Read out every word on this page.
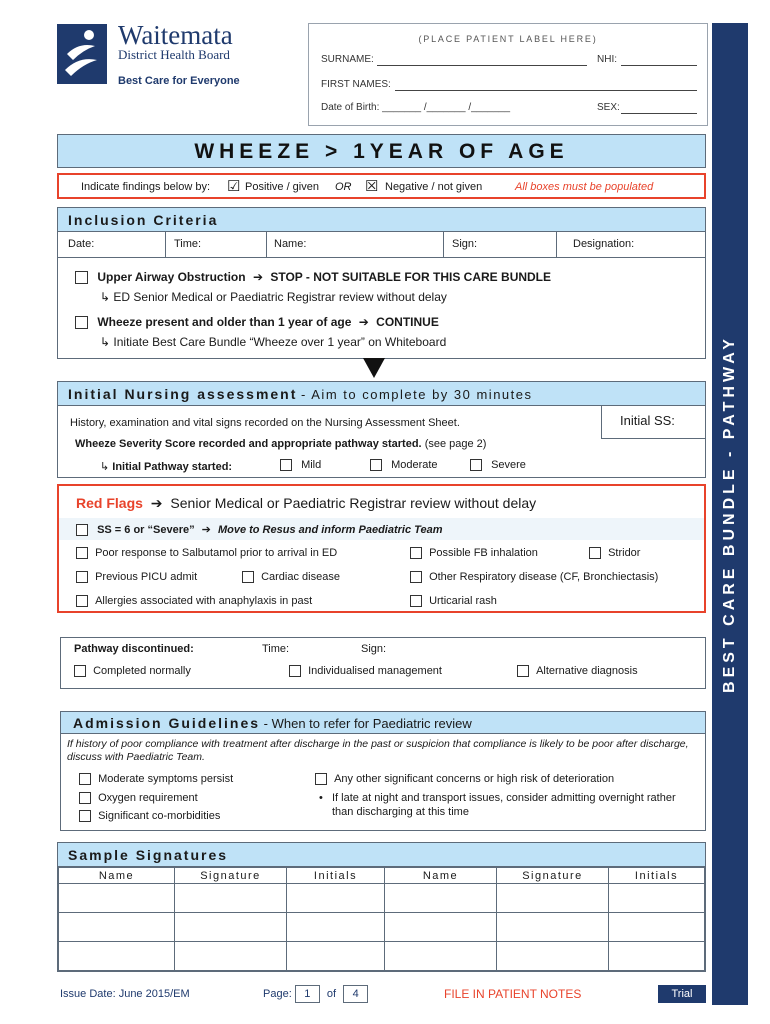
Waitemata
District Health Board
Best Care for Everyone
(PLACE PATIENT LABEL HERE)
SURNAME:	NHI:
FIRST NAMES:
Date of Birth: _______ /_______ /_______	SEX:
BEST CARE BUNDLE - PATHWAY
WHEEZE > 1YEAR OF AGE
Indicate findings below by: ☑ Positive / given OR ☒ Negative / not given	All boxes must be populated
Inclusion Criteria
Date:	Time:	Name:	Sign:	Designation:
Upper Airway Obstruction ➔ STOP - NOT SUITABLE FOR THIS CARE BUNDLE
↳ ED Senior Medical or Paediatric Registrar review without delay
Wheeze present and older than 1 year of age ➔ CONTINUE
↳ Initiate Best Care Bundle “Wheeze over 1 year” on Whiteboard
Initial Nursing assessment - Aim to complete by 30 minutes
History, examination and vital signs recorded on the Nursing Assessment Sheet.	Initial SS:
Wheeze Severity Score recorded and appropriate pathway started. (see page 2)
↳ Initial Pathway started:	Mild	Moderate	Severe
Red Flags ➔ Senior Medical or Paediatric Registrar review without delay
SS = 6 or “Severe” ➔ Move to Resus and inform Paediatric Team
Poor response to Salbutamol prior to arrival in ED	Possible FB inhalation	Stridor
Previous PICU admit	Cardiac disease	Other Respiratory disease (CF, Bronchiectasis)
Allergies associated with anaphylaxis in past	Urticarial rash
Pathway discontinued:	Time:	Sign:
Completed normally	Individualised management	Alternative diagnosis
Admission Guidelines - When to refer for Paediatric review
If history of poor compliance with treatment after discharge in the past or suspicion that compliance is likely to be poor after discharge, discuss with Paediatric Team.
Moderate symptoms persist
Oxygen requirement
Significant co-morbidities
Any other significant concerns or high risk of deterioration
• If late at night and transport issues, consider admitting overnight rather than discharging at this time
Sample Signatures
Name	Signature	Initials	Name	Signature	Initials

Issue Date: June 2015/EM	Page: 1 of 4	FILE IN PATIENT NOTES	Trial
